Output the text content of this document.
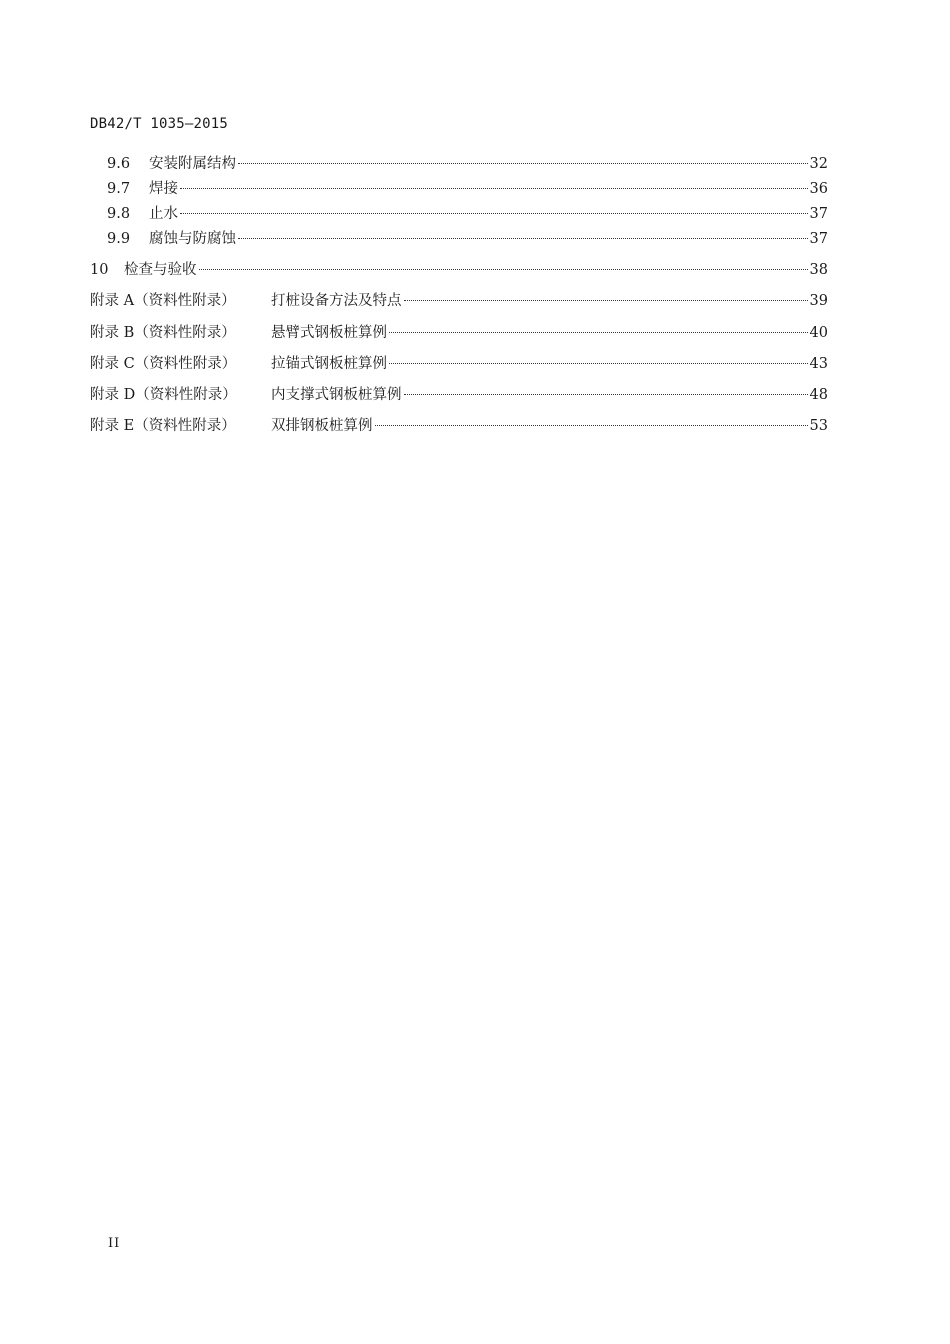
DB42/T 1035—2015
9.6	安装附属结构	32
9.7	焊接	36
9.8	止水	37
9.9	腐蚀与防腐蚀	37
10	检查与验收	38
附录 A（资料性附录）	打桩设备方法及特点	39
附录 B（资料性附录）	悬臂式钢板桩算例	40
附录 C（资料性附录）	拉锚式钢板桩算例	43
附录 D（资料性附录）	内支撑式钢板桩算例	48
附录 E（资料性附录）	双排钢板桩算例	53
II
